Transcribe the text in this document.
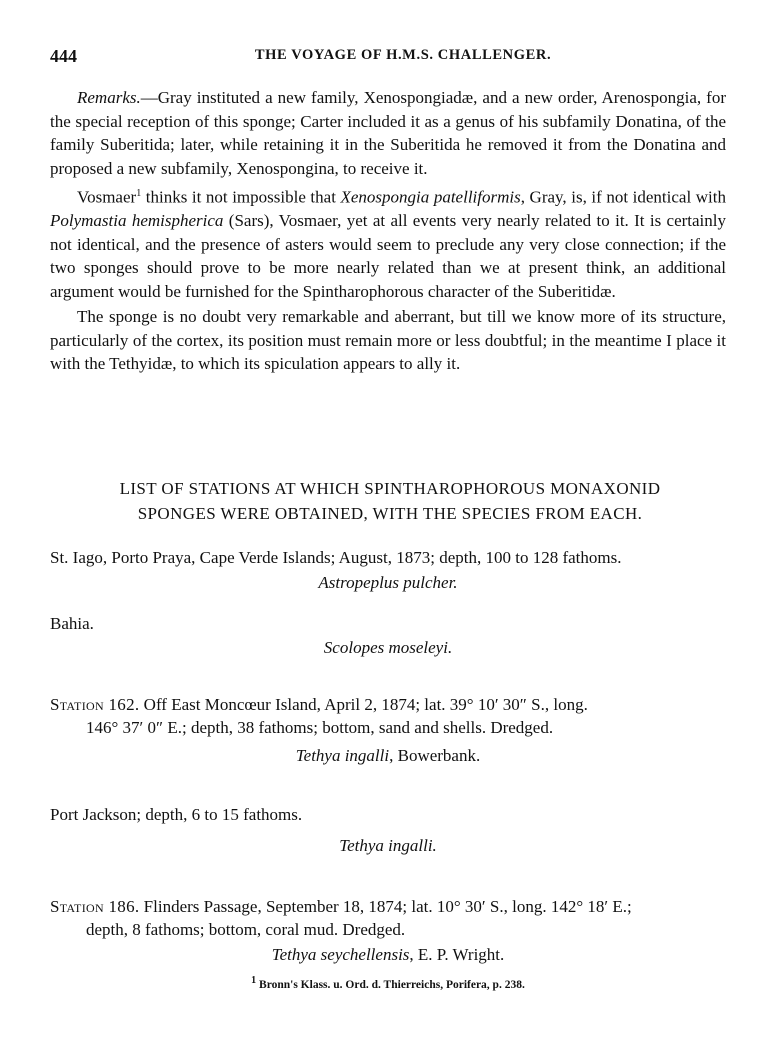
444	THE VOYAGE OF H.M.S. CHALLENGER.

Remarks.—Gray instituted a new family, Xenospongiadæ, and a new order, Arenospongia, for the special reception of this sponge; Carter included it as a genus of his subfamily Donatina, of the family Suberitida; later, while retaining it in the Suberitida he removed it from the Donatina and proposed a new subfamily, Xenospongina, to receive it.

Vosmaer$^1$ thinks it not impossible that Xenospongia patelliformis, Gray, is, if not identical with Polymastia hemispherica (Sars), Vosmaer, yet at all events very nearly related to it. It is certainly not identical, and the presence of asters would seem to preclude any very close connection; if the two sponges should prove to be more nearly related than we at present think, an additional argument would be furnished for the Spintharophorous character of the Suberitidæ.

The sponge is no doubt very remarkable and aberrant, but till we know more of its structure, particularly of the cortex, its position must remain more or less doubtful; in the meantime I place it with the Tethyidæ, to which its spiculation appears to ally it.

LIST OF STATIONS AT WHICH SPINTHAROPHOROUS MONAXONID
SPONGES WERE OBTAINED, WITH THE SPECIES FROM EACH.
St. Iago, Porto Praya, Cape Verde Islands; August, 1873; depth, 100 to 128 fathoms.
Astropeplus pulcher.
Bahia.
Scolopes moseleyi.
Station 162. Off East Moncœur Island, April 2, 1874; lat. 39° 10′ 30″ S., long.
146° 37′ 0″ E.; depth, 38 fathoms; bottom, sand and shells. Dredged.
Tethya ingalli, Bowerbank.
Port Jackson; depth, 6 to 15 fathoms.
Tethya ingalli.
Station 186. Flinders Passage, September 18, 1874; lat. 10° 30′ S., long. 142° 18′ E.;
depth, 8 fathoms; bottom, coral mud. Dredged.
Tethya seychellensis, E. P. Wright.
$^1$ Bronn's Klass. u. Ord. d. Thierreichs, Porifera, p. 238.
